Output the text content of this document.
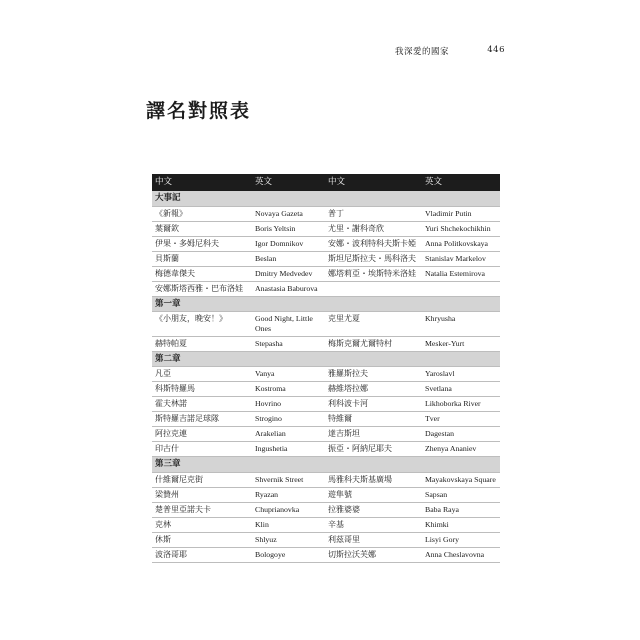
我深愛的國家	446
譯名對照表
中文	英文	中文	英文
大事記			
《新報》	Novaya Gazeta	普丁	Vladimir Putin
葉爾欽	Boris Yeltsin	尤里・謝科奇欣	Yuri Shchekochikhin
伊果・多姆尼科夫	Igor Domnikov	安娜・波利特科夫斯卡婭	Anna Politkovskaya
貝斯蘭	Beslan	斯坦尼斯拉夫・馬科洛夫	Stanislav Markelov
梅德韋傑夫	Dmitry Medvedev	娜塔莉亞・埃斯特米洛娃	Natalia Estemirova
安娜斯塔西雅・巴布洛娃	Anastasia Baburova		
第一章			
《小朋友，晚安！》	Good Night, Little Ones	克里尤夏	Khryusha
赫特帕夏	Stepasha	梅斯克爾尤爾特村	Mesker-Yurt
第二章			
凡亞	Vanya	雅羅斯拉夫	Yaroslavl
科斯特羅馬	Kostroma	赫維塔拉娜	Svetlana
霍夫林諾	Hovrino	利科波卡河	Likhoborka River
斯特羅吉諾足球隊	Strogino	特維爾	Tver
阿拉克連	Arakelian	達吉斯坦	Dagestan
印古什	Ingushetia	振亞・阿納尼耶夫	Zhenya Ananiev
第三章			
什維爾尼克街	Shvernik Street	馬雅科夫斯基廣場	Mayakovskaya Square
梁贊州	Ryazan	遊隼號	Sapsan
楚普里亞諾夫卡	Chuprianovka	拉雅婆婆	Baba Raya
克林	Klin	辛基	Khimki
休斯	Shlyuz	利茲哥里	Lisyi Gory
波洛哥耶	Bologoye	切斯拉沃芙娜	Anna Cheslavovna
